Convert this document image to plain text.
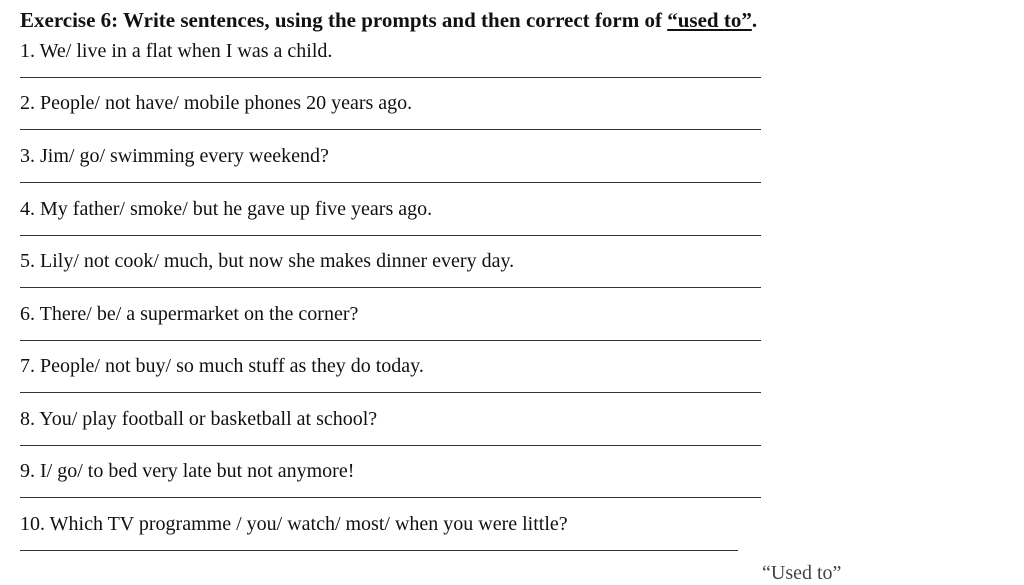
Exercise 6: Write sentences, using the prompts and then correct form of “used to”.
1. We/ live in a flat when I was a child.
2. People/ not have/ mobile phones 20 years ago.
3. Jim/ go/ swimming every weekend?
4. My father/ smoke/ but he gave up five years ago.
5. Lily/ not cook/ much, but now she makes dinner every day.
6. There/ be/ a supermarket on the corner?
7. People/ not buy/ so much stuff as they do today.
8. You/ play football or basketball at school?
9. I/ go/ to bed very late but not anymore!
10. Which TV programme / you/ watch/ most/ when you were little?
“Used to”
